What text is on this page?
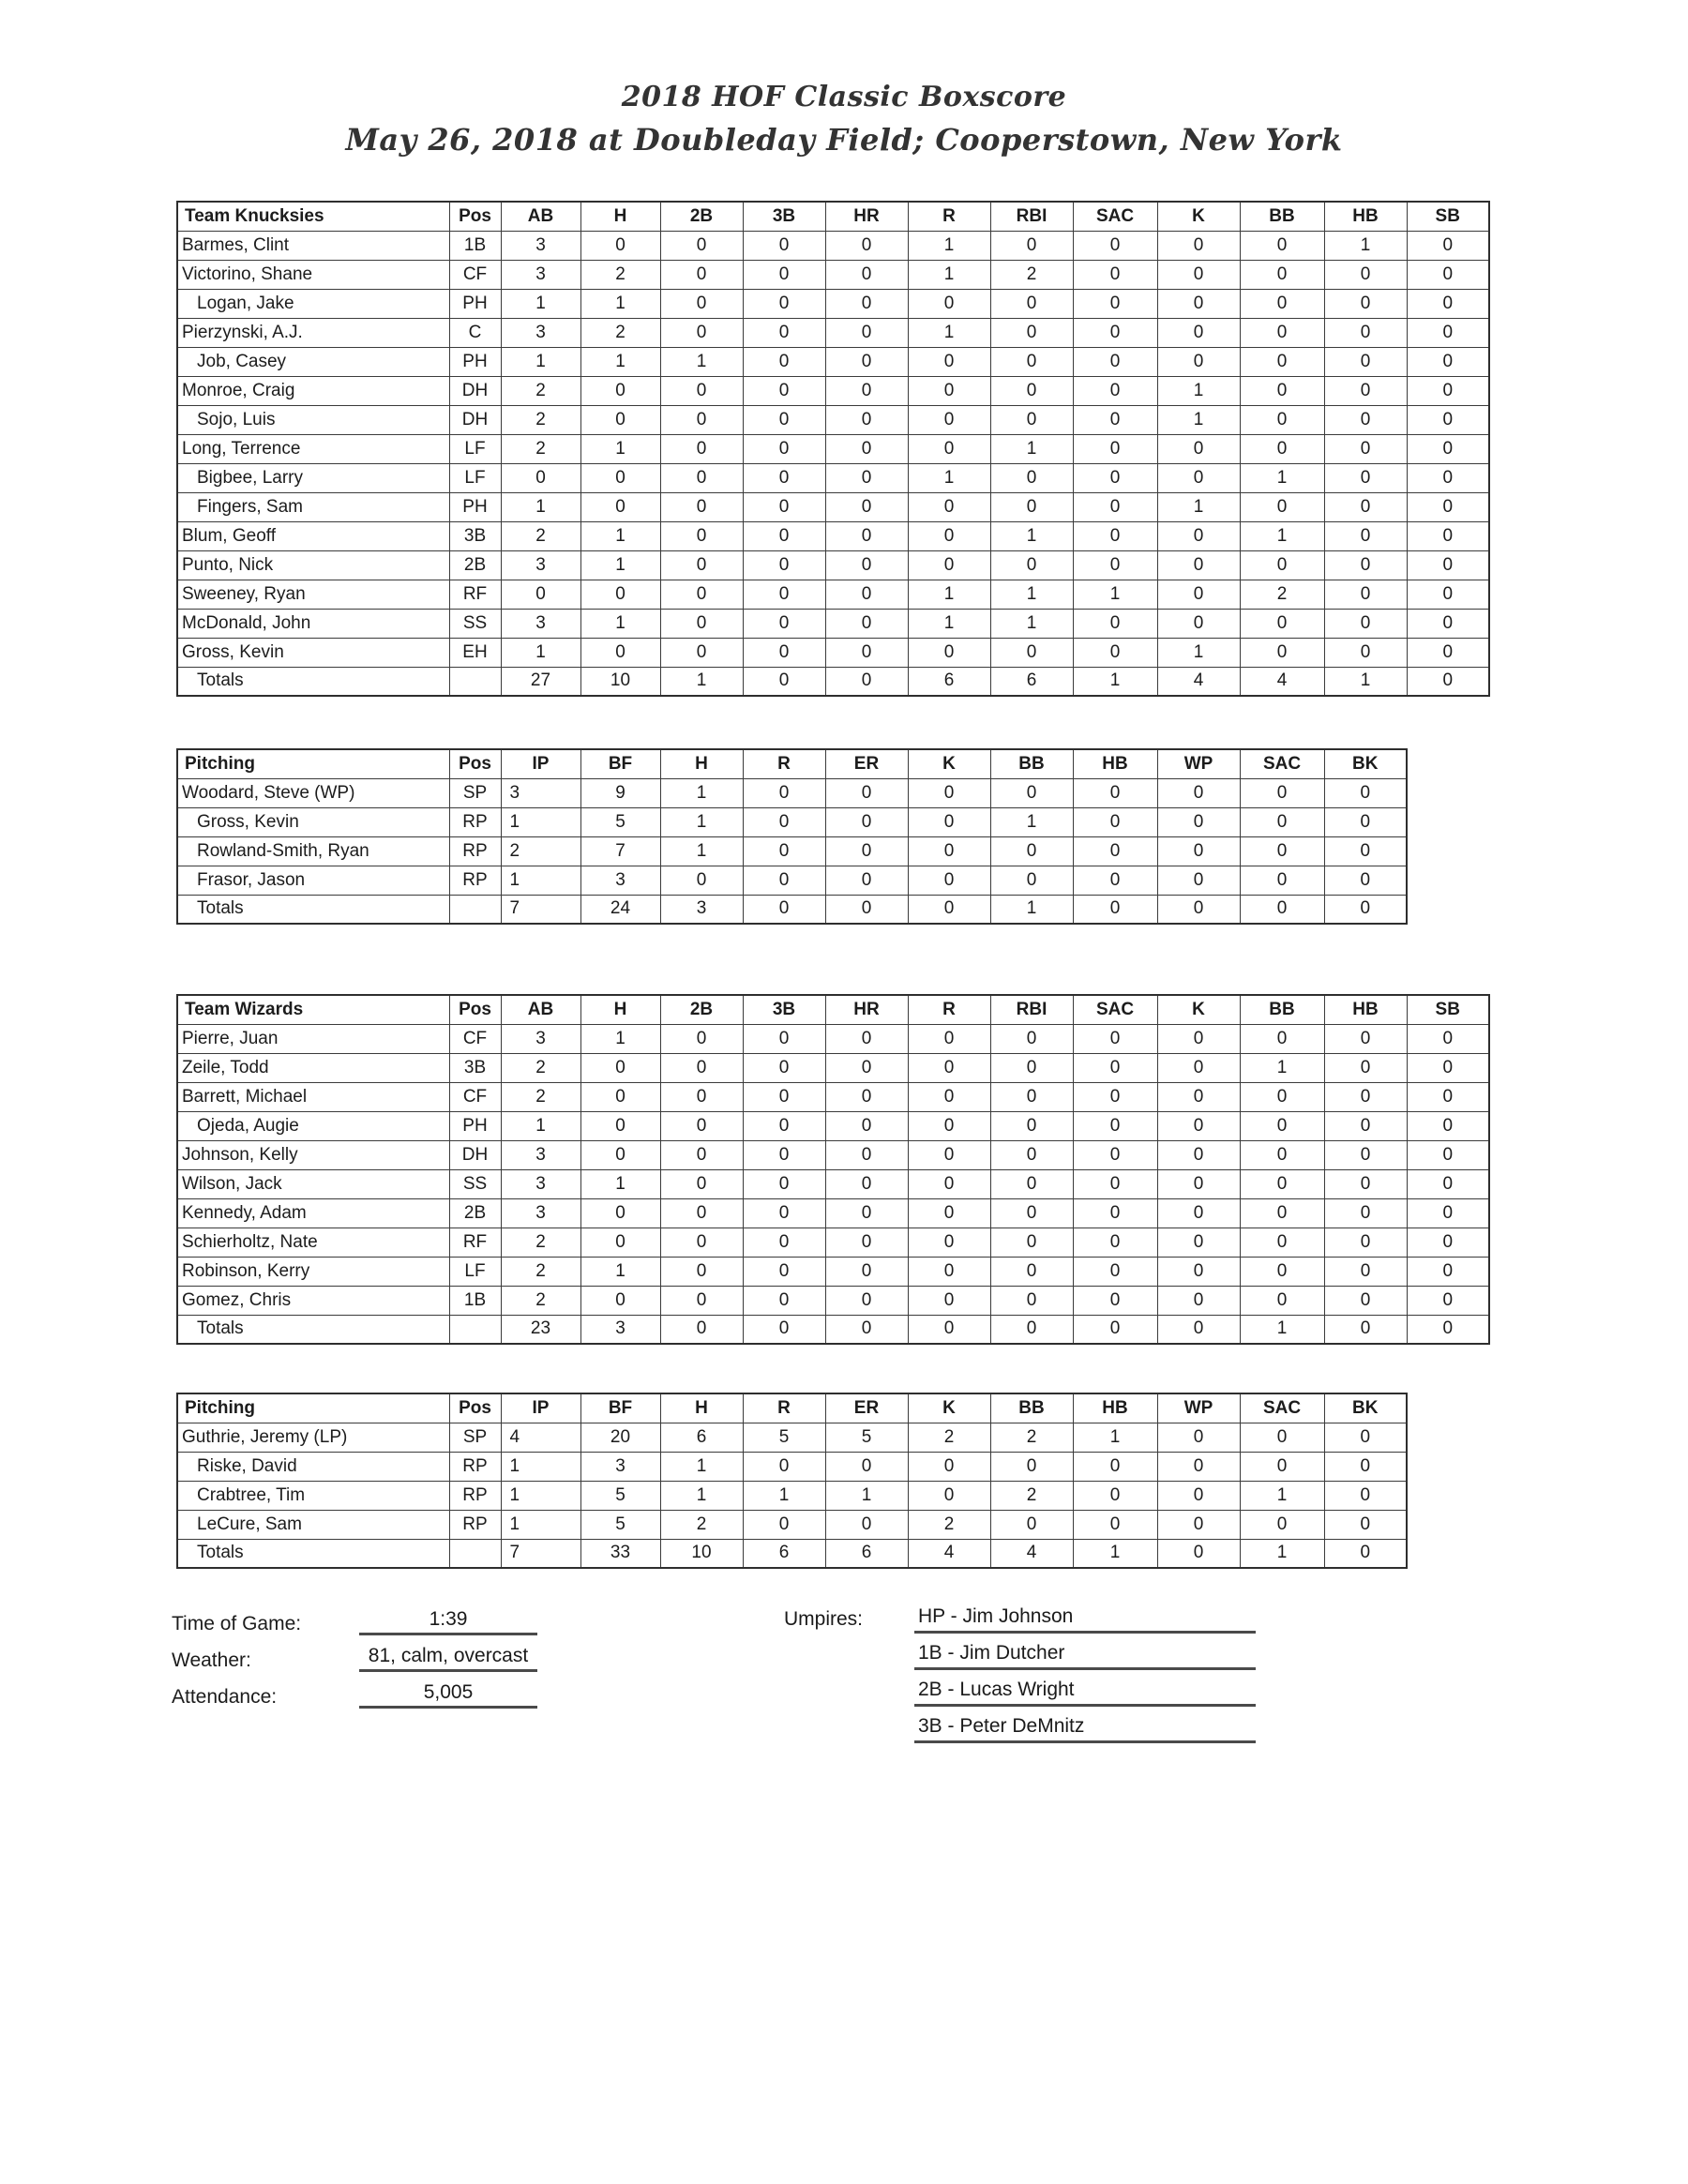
2018 HOF Classic Boxscore
May 26, 2018 at Doubleday Field; Cooperstown, New York
Team Knucksies	Pos	AB	H	2B	3B	HR	R	RBI	SAC	K	BB	HB	SB
Barmes, Clint	1B	3	0	0	0	0	1	0	0	0	0	1	0
Victorino, Shane	CF	3	2	0	0	0	1	2	0	0	0	0	0
Logan, Jake	PH	1	1	0	0	0	0	0	0	0	0	0	0
Pierzynski, A.J.	C	3	2	0	0	0	1	0	0	0	0	0	0
Job, Casey	PH	1	1	1	0	0	0	0	0	0	0	0	0
Monroe, Craig	DH	2	0	0	0	0	0	0	0	1	0	0	0
Sojo, Luis	DH	2	0	0	0	0	0	0	0	1	0	0	0
Long, Terrence	LF	2	1	0	0	0	0	1	0	0	0	0	0
Bigbee, Larry	LF	0	0	0	0	0	1	0	0	0	1	0	0
Fingers, Sam	PH	1	0	0	0	0	0	0	0	1	0	0	0
Blum, Geoff	3B	2	1	0	0	0	0	1	0	0	1	0	0
Punto, Nick	2B	3	1	0	0	0	0	0	0	0	0	0	0
Sweeney, Ryan	RF	0	0	0	0	0	1	1	1	0	2	0	0
McDonald, John	SS	3	1	0	0	0	1	1	0	0	0	0	0
Gross, Kevin	EH	1	0	0	0	0	0	0	0	1	0	0	0
Totals		27	10	1	0	0	6	6	1	4	4	1	0
Pitching	Pos	IP	BF	H	R	ER	K	BB	HB	WP	SAC	BK
Woodard, Steve (WP)	SP	3	9	1	0	0	0	0	0	0	0	0
Gross, Kevin	RP	1	5	1	0	0	0	1	0	0	0	0
Rowland-Smith, Ryan	RP	2	7	1	0	0	0	0	0	0	0	0
Frasor, Jason	RP	1	3	0	0	0	0	0	0	0	0	0
Totals		7	24	3	0	0	0	1	0	0	0	0
Team Wizards	Pos	AB	H	2B	3B	HR	R	RBI	SAC	K	BB	HB	SB
Pierre, Juan	CF	3	1	0	0	0	0	0	0	0	0	0	0
Zeile, Todd	3B	2	0	0	0	0	0	0	0	0	1	0	0
Barrett, Michael	CF	2	0	0	0	0	0	0	0	0	0	0	0
Ojeda, Augie	PH	1	0	0	0	0	0	0	0	0	0	0	0
Johnson, Kelly	DH	3	0	0	0	0	0	0	0	0	0	0	0
Wilson, Jack	SS	3	1	0	0	0	0	0	0	0	0	0	0
Kennedy, Adam	2B	3	0	0	0	0	0	0	0	0	0	0	0
Schierholtz, Nate	RF	2	0	0	0	0	0	0	0	0	0	0	0
Robinson, Kerry	LF	2	1	0	0	0	0	0	0	0	0	0	0
Gomez, Chris	1B	2	0	0	0	0	0	0	0	0	0	0	0
Totals		23	3	0	0	0	0	0	0	0	1	0	0
Pitching	Pos	IP	BF	H	R	ER	K	BB	HB	WP	SAC	BK
Guthrie, Jeremy (LP)	SP	4	20	6	5	5	2	2	1	0	0	0
Riske, David	RP	1	3	1	0	0	0	0	0	0	0	0
Crabtree, Tim	RP	1	5	1	1	1	0	2	0	0	1	0
LeCure, Sam	RP	1	5	2	0	0	2	0	0	0	0	0
Totals		7	33	10	6	6	4	4	1	0	1	0
Time of Game:	1:39
Weather:	81, calm, overcast
Attendance:	5,005
Umpires:	HP - Jim Johnson
1B - Jim Dutcher
2B - Lucas Wright
3B - Peter DeMnitz
